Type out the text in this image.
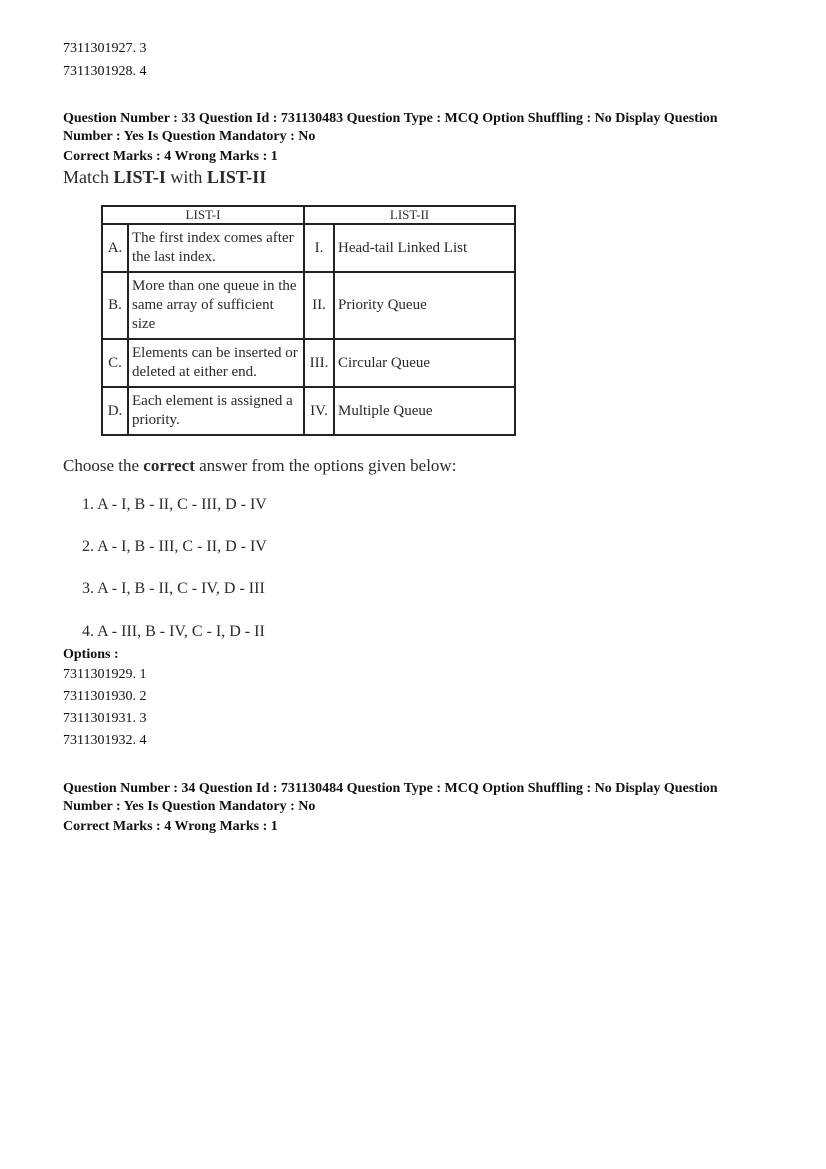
7311301927. 3
7311301928. 4
Question Number : 33 Question Id : 731130483 Question Type : MCQ Option Shuffling : No Display Question
Number : Yes Is Question Mandatory : No
Correct Marks : 4 Wrong Marks : 1
Match LIST-I with LIST-II
LIST-I		LIST-II	
A.	The first index comes after the last index.	I.	Head-tail Linked List
B.	More than one queue in the same array of sufficient size	II.	Priority Queue
C.	Elements can be inserted or deleted at either end.	III.	Circular Queue
D.	Each element is assigned a priority.	IV.	Multiple Queue
Choose the correct answer from the options given below:
1. A - I, B - II, C - III, D - IV
2. A - I, B - III, C - II, D - IV
3. A - I, B - II, C - IV, D - III
4. A - III, B - IV, C - I, D - II
Options :
7311301929. 1
7311301930. 2
7311301931. 3
7311301932. 4
Question Number : 34 Question Id : 731130484 Question Type : MCQ Option Shuffling : No Display Question
Number : Yes Is Question Mandatory : No
Correct Marks : 4 Wrong Marks : 1
